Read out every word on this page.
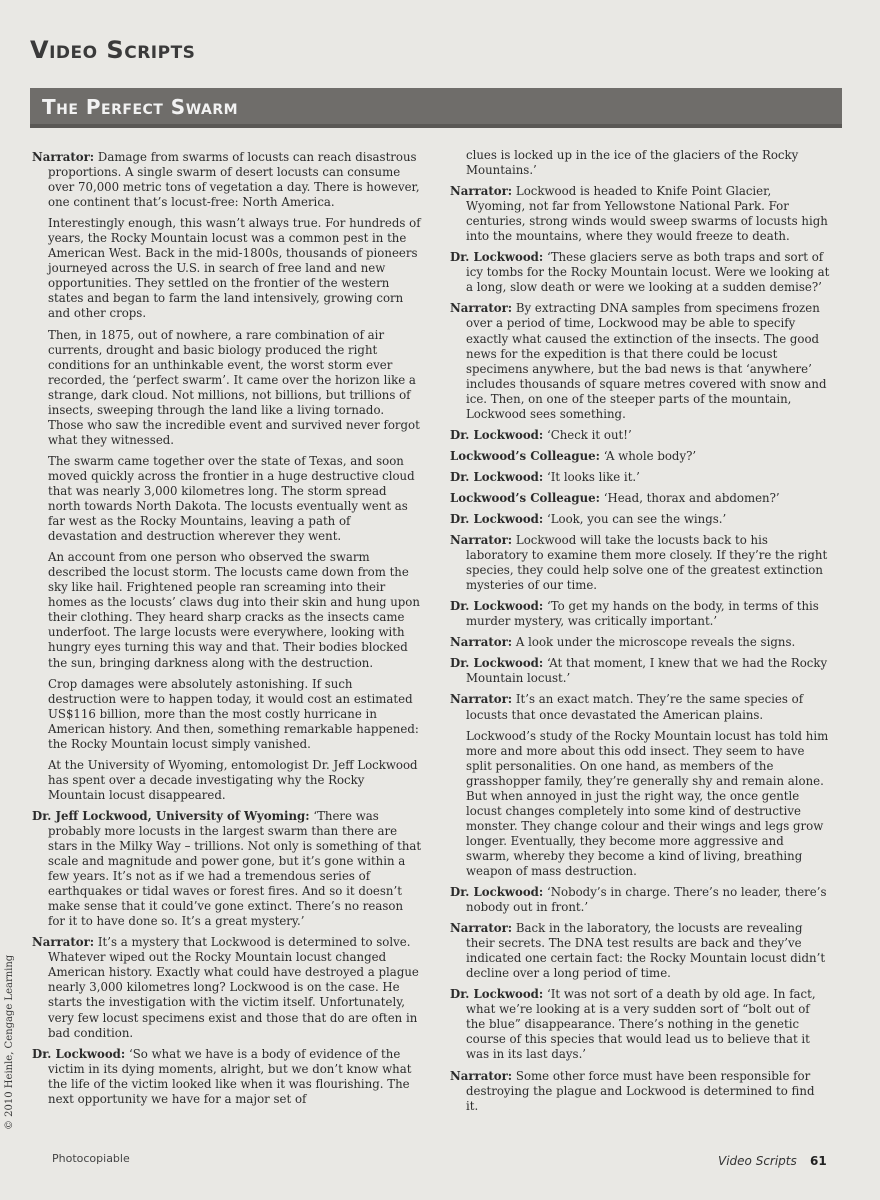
Video Scripts
The Perfect Swarm

Narrator: Damage from swarms of locusts can reach disastrous proportions. A single swarm of desert locusts can consume over 70,000 metric tons of vegetation a day. There is however, one continent that’s locust-free: North America.

Interestingly enough, this wasn’t always true. For hundreds of years, the Rocky Mountain locust was a common pest in the American West. Back in the mid-1800s, thousands of pioneers journeyed across the U.S. in search of free land and new opportunities. They settled on the frontier of the western states and began to farm the land intensively, growing corn and other crops.

Then, in 1875, out of nowhere, a rare combination of air currents, drought and basic biology produced the right conditions for an unthinkable event, the worst storm ever recorded, the ‘perfect swarm’. It came over the horizon like a strange, dark cloud. Not millions, not billions, but trillions of insects, sweeping through the land like a living tornado. Those who saw the incredible event and survived never forgot what they witnessed.

The swarm came together over the state of Texas, and soon moved quickly across the frontier in a huge destructive cloud that was nearly 3,000 kilometres long. The storm spread north towards North Dakota. The locusts eventually went as far west as the Rocky Mountains, leaving a path of devastation and destruction wherever they went.

An account from one person who observed the swarm described the locust storm. The locusts came down from the sky like hail. Frightened people ran screaming into their homes as the locusts’ claws dug into their skin and hung upon their clothing. They heard sharp cracks as the insects came underfoot. The large locusts were everywhere, looking with hungry eyes turning this way and that. Their bodies blocked the sun, bringing darkness along with the destruction.

Crop damages were absolutely astonishing. If such destruction were to happen today, it would cost an estimated US$116 billion, more than the most costly hurricane in American history. And then, something remarkable happened: the Rocky Mountain locust simply vanished.

At the University of Wyoming, entomologist Dr. Jeff Lockwood has spent over a decade investigating why the Rocky Mountain locust disappeared.

Dr. Jeff Lockwood, University of Wyoming: ‘There was probably more locusts in the largest swarm than there are stars in the Milky Way – trillions. Not only is something of that scale and magnitude and power gone, but it’s gone within a few years. It’s not as if we had a tremendous series of earthquakes or tidal waves or forest fires. And so it doesn’t make sense that it could’ve gone extinct. There’s no reason for it to have done so. It’s a great mystery.’

Narrator: It’s a mystery that Lockwood is determined to solve. Whatever wiped out the Rocky Mountain locust changed American history. Exactly what could have destroyed a plague nearly 3,000 kilometres long? Lockwood is on the case. He starts the investigation with the victim itself. Unfortunately, very few locust specimens exist and those that do are often in bad condition.

Dr. Lockwood: ‘So what we have is a body of evidence of the victim in its dying moments, alright, but we don’t know what the life of the victim looked like when it was flourishing. The next opportunity we have for a major set of

clues is locked up in the ice of the glaciers of the Rocky Mountains.’

Narrator: Lockwood is headed to Knife Point Glacier, Wyoming, not far from Yellowstone National Park. For centuries, strong winds would sweep swarms of locusts high into the mountains, where they would freeze to death.

Dr. Lockwood: ‘These glaciers serve as both traps and sort of icy tombs for the Rocky Mountain locust. Were we looking at a long, slow death or were we looking at a sudden demise?’

Narrator: By extracting DNA samples from specimens frozen over a period of time, Lockwood may be able to specify exactly what caused the extinction of the insects. The good news for the expedition is that there could be locust specimens anywhere, but the bad news is that ‘anywhere’ includes thousands of square metres covered with snow and ice. Then, on one of the steeper parts of the mountain, Lockwood sees something.

Dr. Lockwood: ‘Check it out!’

Lockwood’s Colleague: ‘A whole body?’

Dr. Lockwood: ‘It looks like it.’

Lockwood’s Colleague: ‘Head, thorax and abdomen?’

Dr. Lockwood: ‘Look, you can see the wings.’

Narrator: Lockwood will take the locusts back to his laboratory to examine them more closely. If they’re the right species, they could help solve one of the greatest extinction mysteries of our time.

Dr. Lockwood: ‘To get my hands on the body, in terms of this murder mystery, was critically important.’

Narrator: A look under the microscope reveals the signs.

Dr. Lockwood: ‘At that moment, I knew that we had the Rocky Mountain locust.’

Narrator: It’s an exact match. They’re the same species of locusts that once devastated the American plains.

Lockwood’s study of the Rocky Mountain locust has told him more and more about this odd insect. They seem to have split personalities. On one hand, as members of the grasshopper family, they’re generally shy and remain alone. But when annoyed in just the right way, the once gentle locust changes completely into some kind of destructive monster. They change colour and their wings and legs grow longer. Eventually, they become more aggressive and swarm, whereby they become a kind of living, breathing weapon of mass destruction.

Dr. Lockwood: ‘Nobody’s in charge. There’s no leader, there’s nobody out in front.’

Narrator: Back in the laboratory, the locusts are revealing their secrets. The DNA test results are back and they’ve indicated one certain fact: the Rocky Mountain locust didn’t decline over a long period of time.

Dr. Lockwood: ‘It was not sort of a death by old age. In fact, what we’re looking at is a very sudden sort of “bolt out of the blue” disappearance. There’s nothing in the genetic course of this species that would lead us to believe that it was in its last days.’

Narrator: Some other force must have been responsible for destroying the plague and Lockwood is determined to find it.

© 2010 Heinle, Cengage Learning
Photocopiable	Video Scripts 61
